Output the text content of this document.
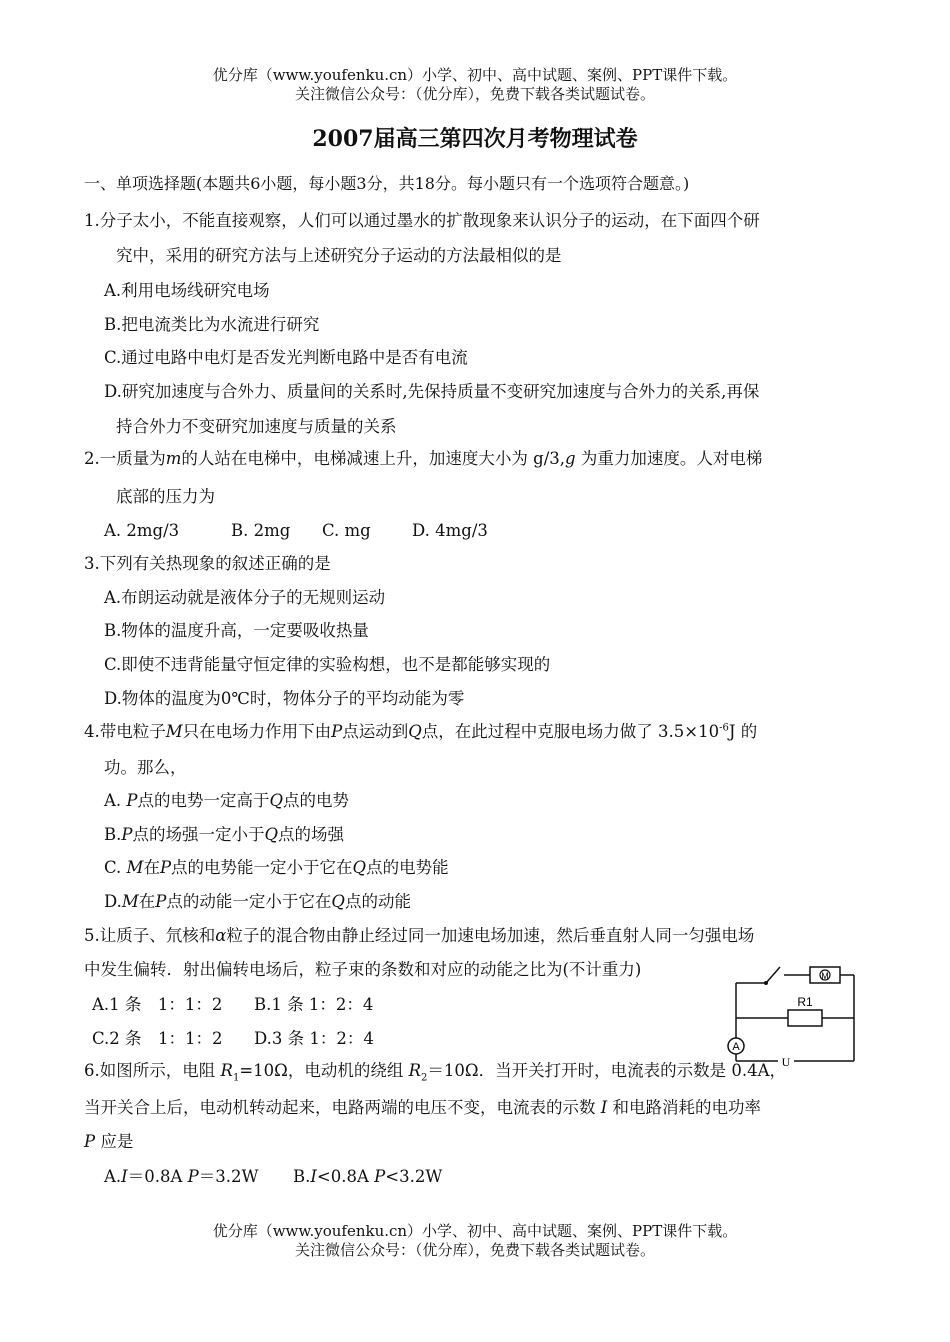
优分库（www.youfenku.cn）小学、初中、高中试题、案例、PPT课件下载。
关注微信公众号：（优分库），免费下载各类试题试卷。
2007届高三第四次月考物理试卷
一、单项选择题(本题共6小题，每小题3分，共18分。每小题只有一个选项符合题意。)
1.分子太小，不能直接观察，人们可以通过墨水的扩散现象来认识分子的运动，在下面四个研
究中，采用的研究方法与上述研究分子运动的方法最相似的是
A.利用电场线研究电场
B.把电流类比为水流进行研究
C.通过电路中电灯是否发光判断电路中是否有电流
D.研究加速度与合外力、质量间的关系时,先保持质量不变研究加速度与合外力的关系,再保
持合外力不变研究加速度与质量的关系
2.一质量为m的人站在电梯中，电梯减速上升，加速度大小为 g/3,g 为重力加速度。人对电梯
底部的压力为
A. 2mg/3	B. 2mg C. mg	D. 4mg/3
3.下列有关热现象的叙述正确的是
A.布朗运动就是液体分子的无规则运动
B.物体的温度升高，一定要吸收热量
C.即使不违背能量守恒定律的实验构想，也不是都能够实现的
D.物体的温度为0℃时，物体分子的平均动能为零
4.带电粒子M只在电场力作用下由P点运动到Q点，在此过程中克服电场力做了 $3.5\times 10^{-6}J$ 的
功。那么，
A. P点的电势一定高于Q点的电势
B.P点的场强一定小于Q点的场强
C. M在P点的电势能一定小于它在Q点的电势能
D.M在P点的动能一定小于它在Q点的动能
5.让质子、氘核和α粒子的混合物由静止经过同一加速电场加速，然后垂直射人同一匀强电场
中发生偏转．射出偏转电场后，粒子束的条数和对应的动能之比为(不计重力)
A.1 条　1：1：2 B.1 条 1：2：4
C.2 条　1：1：2 D.3 条 1：2：4
M
R1
A
U
6.如图所示，电阻 $R_1=10\Omega$，电动机的绕组 $R_2=10\Omega$．当开关打开时，电流表的示数是 0.4A，
当开关合上后，电动机转动起来，电路两端的电压不变，电流表的示数 I 和电路消耗的电功率
P 应是
A.I＝0.8A P＝3.2W B.I<0.8A P<3.2W
优分库（www.youfenku.cn）小学、初中、高中试题、案例、PPT课件下载。
关注微信公众号：（优分库），免费下载各类试题试卷。
